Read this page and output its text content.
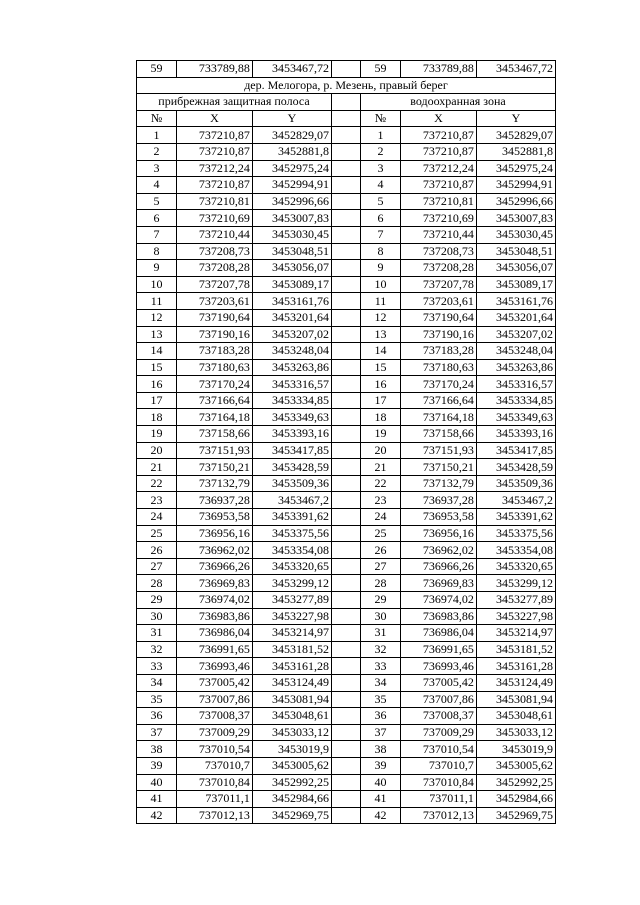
59	733789,88	3453467,72		59	733789,88	3453467,72
дер. Мелогора, р. Мезень, правый берег						
прибрежная защитная полоса				водоохранная зона		
№	X	Y		№	X	Y
1	737210,87	3452829,07		1	737210,87	3452829,07
2	737210,87	3452881,8		2	737210,87	3452881,8
3	737212,24	3452975,24		3	737212,24	3452975,24
4	737210,87	3452994,91		4	737210,87	3452994,91
5	737210,81	3452996,66		5	737210,81	3452996,66
6	737210,69	3453007,83		6	737210,69	3453007,83
7	737210,44	3453030,45		7	737210,44	3453030,45
8	737208,73	3453048,51		8	737208,73	3453048,51
9	737208,28	3453056,07		9	737208,28	3453056,07
10	737207,78	3453089,17		10	737207,78	3453089,17
11	737203,61	3453161,76		11	737203,61	3453161,76
12	737190,64	3453201,64		12	737190,64	3453201,64
13	737190,16	3453207,02		13	737190,16	3453207,02
14	737183,28	3453248,04		14	737183,28	3453248,04
15	737180,63	3453263,86		15	737180,63	3453263,86
16	737170,24	3453316,57		16	737170,24	3453316,57
17	737166,64	3453334,85		17	737166,64	3453334,85
18	737164,18	3453349,63		18	737164,18	3453349,63
19	737158,66	3453393,16		19	737158,66	3453393,16
20	737151,93	3453417,85		20	737151,93	3453417,85
21	737150,21	3453428,59		21	737150,21	3453428,59
22	737132,79	3453509,36		22	737132,79	3453509,36
23	736937,28	3453467,2		23	736937,28	3453467,2
24	736953,58	3453391,62		24	736953,58	3453391,62
25	736956,16	3453375,56		25	736956,16	3453375,56
26	736962,02	3453354,08		26	736962,02	3453354,08
27	736966,26	3453320,65		27	736966,26	3453320,65
28	736969,83	3453299,12		28	736969,83	3453299,12
29	736974,02	3453277,89		29	736974,02	3453277,89
30	736983,86	3453227,98		30	736983,86	3453227,98
31	736986,04	3453214,97		31	736986,04	3453214,97
32	736991,65	3453181,52		32	736991,65	3453181,52
33	736993,46	3453161,28		33	736993,46	3453161,28
34	737005,42	3453124,49		34	737005,42	3453124,49
35	737007,86	3453081,94		35	737007,86	3453081,94
36	737008,37	3453048,61		36	737008,37	3453048,61
37	737009,29	3453033,12		37	737009,29	3453033,12
38	737010,54	3453019,9		38	737010,54	3453019,9
39	737010,7	3453005,62		39	737010,7	3453005,62
40	737010,84	3452992,25		40	737010,84	3452992,25
41	737011,1	3452984,66		41	737011,1	3452984,66
42	737012,13	3452969,75		42	737012,13	3452969,75
